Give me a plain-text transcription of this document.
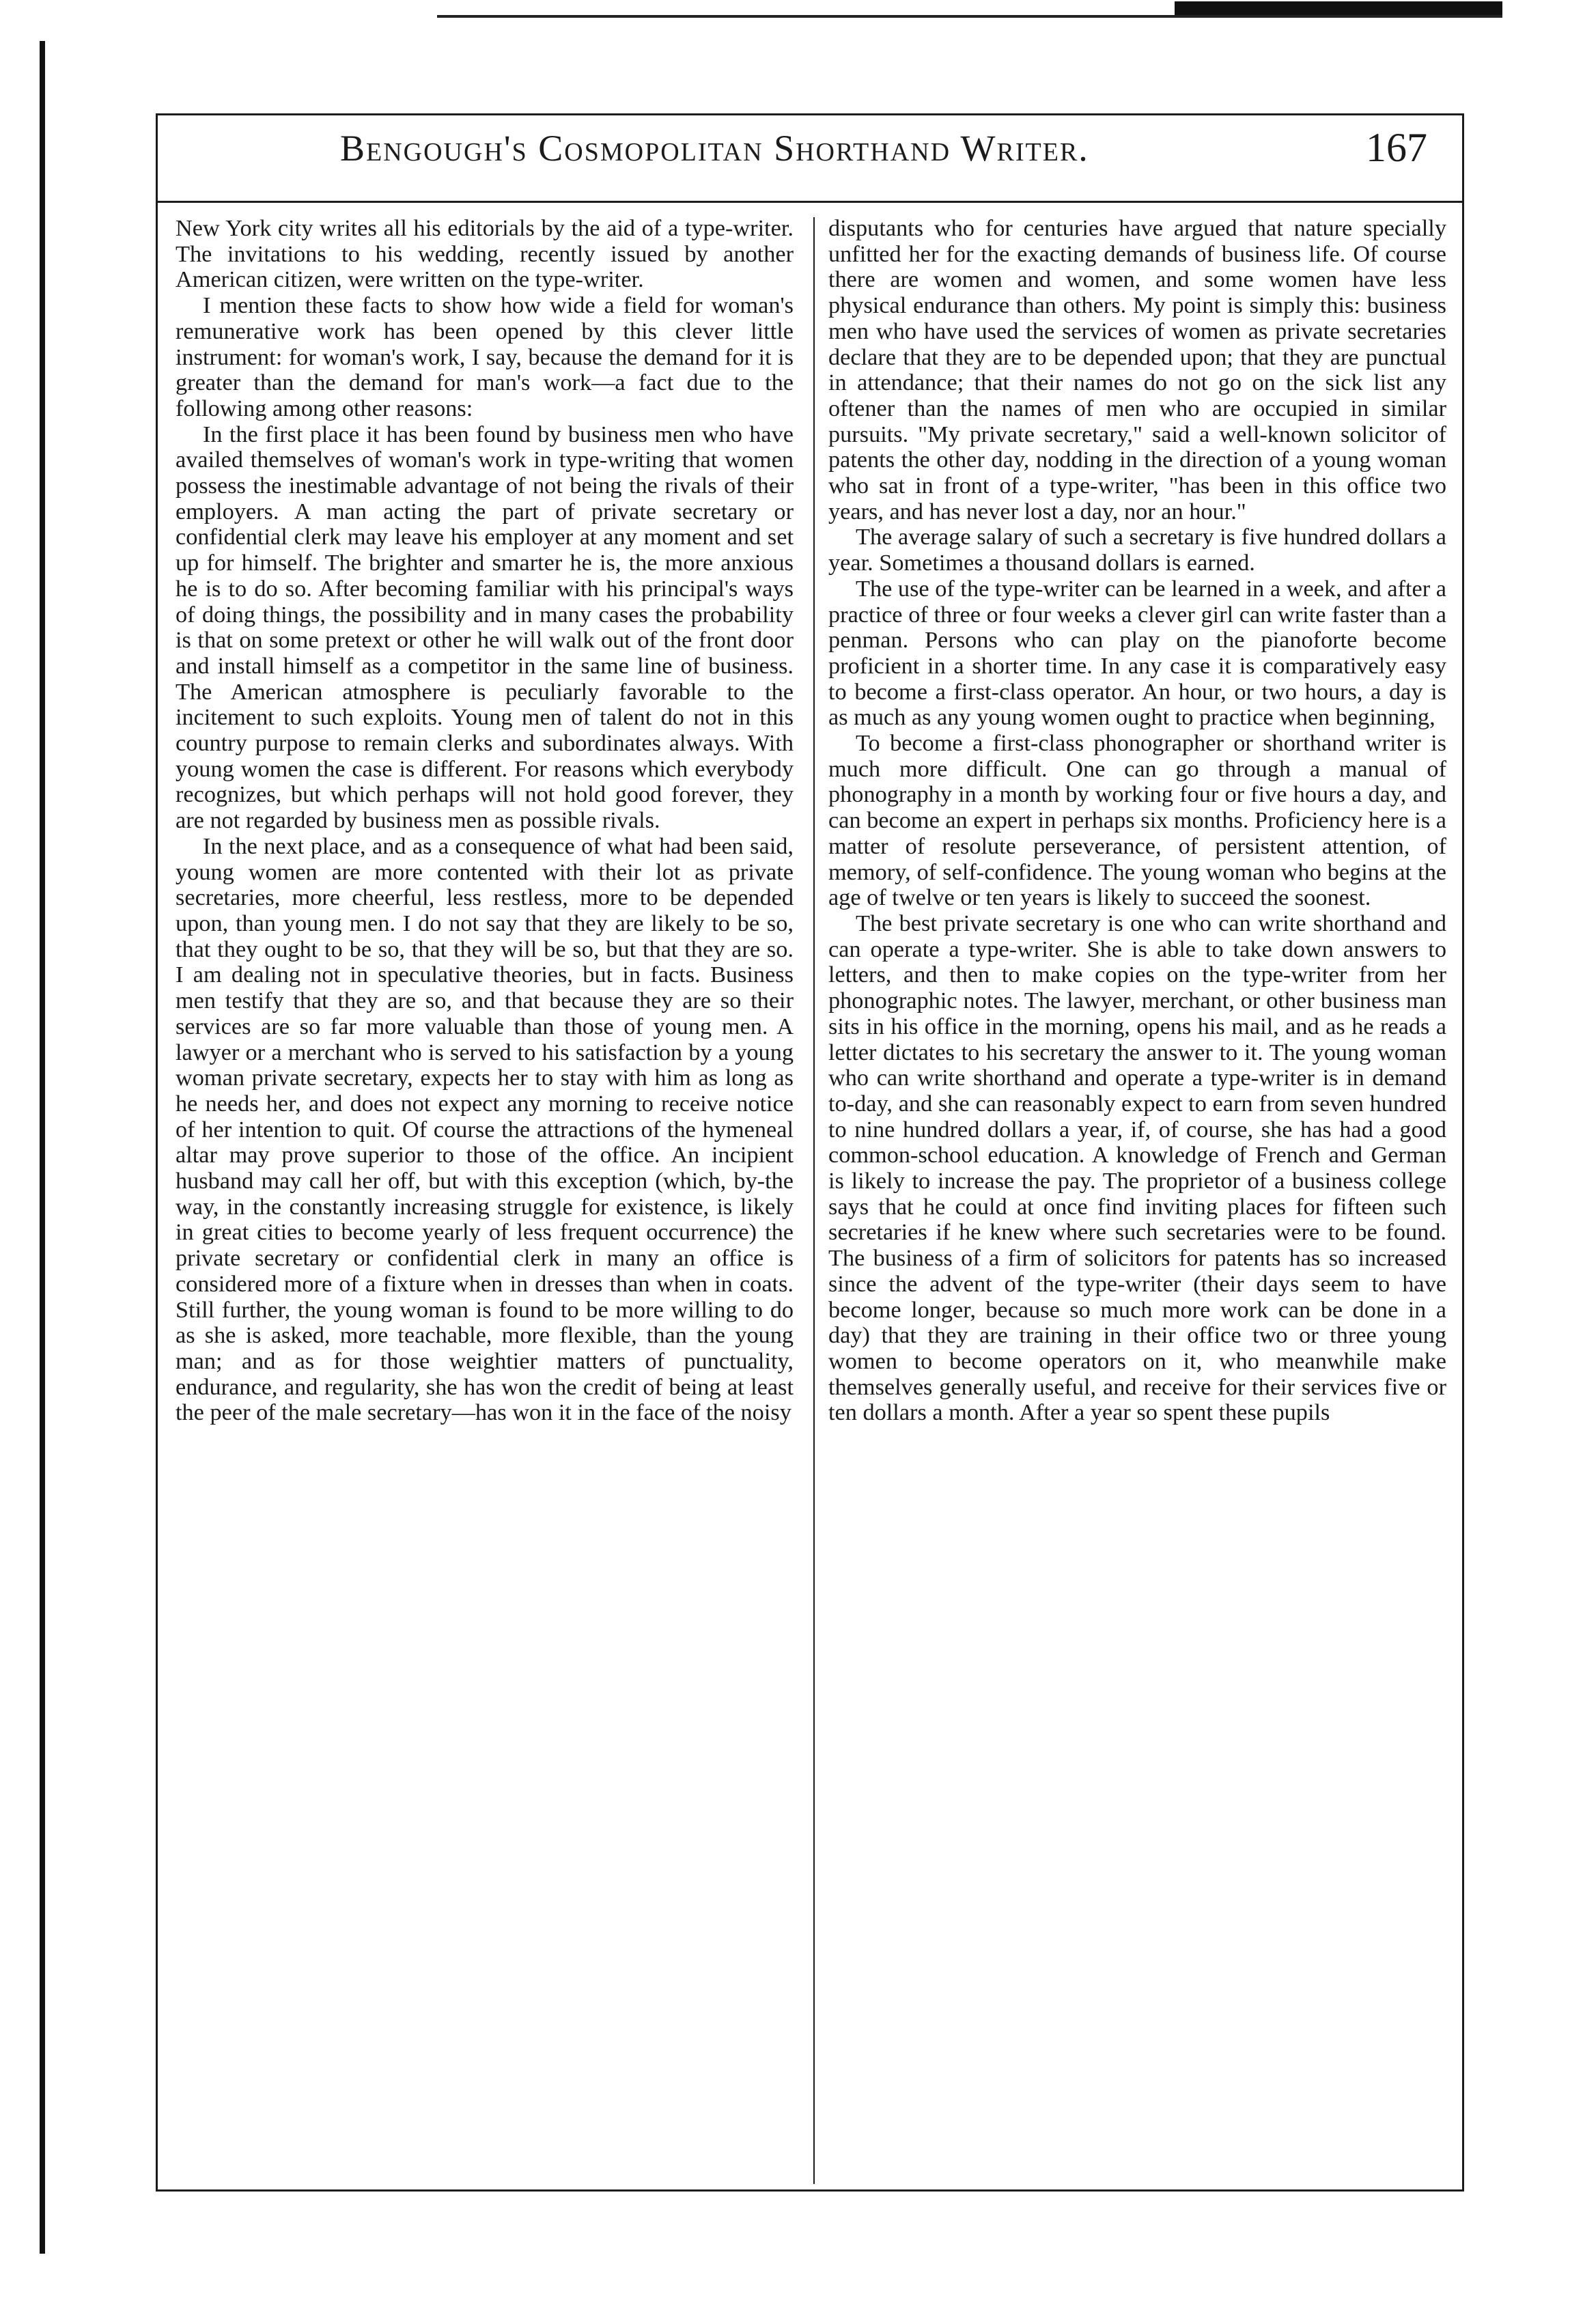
Bengough's Cosmopolitan Shorthand Writer.	167

New York city writes all his editorials by the aid of a type-writer. The invitations to his wedding, recently issued by another American citizen, were written on the type-writer.

I mention these facts to show how wide a field for woman's remunerative work has been opened by this clever little instrument: for woman's work, I say, because the demand for it is greater than the demand for man's work—a fact due to the following among other reasons:

In the first place it has been found by business men who have availed themselves of woman's work in type-writing that women possess the inestimable advantage of not being the rivals of their employers. A man acting the part of private secretary or confidential clerk may leave his employer at any moment and set up for himself. The brighter and smarter he is, the more anxious he is to do so. After becoming familiar with his principal's ways of doing things, the possibility and in many cases the probability is that on some pretext or other he will walk out of the front door and install himself as a competitor in the same line of business. The American atmosphere is peculiarly favorable to the incitement to such exploits. Young men of talent do not in this country purpose to remain clerks and subordinates always. With young women the case is different. For reasons which everybody recognizes, but which perhaps will not hold good forever, they are not regarded by business men as possible rivals.

In the next place, and as a consequence of what had been said, young women are more contented with their lot as private secretaries, more cheerful, less restless, more to be depended upon, than young men. I do not say that they are likely to be so, that they ought to be so, that they will be so, but that they are so. I am dealing not in speculative theories, but in facts. Business men testify that they are so, and that because they are so their services are so far more valuable than those of young men. A lawyer or a merchant who is served to his satisfaction by a young woman private secretary, expects her to stay with him as long as he needs her, and does not expect any morning to receive notice of her intention to quit. Of course the attractions of the hymeneal altar may prove superior to those of the office. An incipient husband may call her off, but with this exception (which, by-the way, in the constantly increasing struggle for existence, is likely in great cities to become yearly of less frequent occurrence) the private secretary or confidential clerk in many an office is considered more of a fixture when in dresses than when in coats. Still further, the young woman is found to be more willing to do as she is asked, more teachable, more flexible, than the young man; and as for those weightier matters of punctuality, endurance, and regularity, she has won the credit of being at least the peer of the male secretary—has won it in the face of the noisy

disputants who for centuries have argued that nature specially unfitted her for the exacting demands of business life. Of course there are women and women, and some women have less physical endurance than others. My point is simply this: business men who have used the services of women as private secretaries declare that they are to be depended upon; that they are punctual in attendance; that their names do not go on the sick list any oftener than the names of men who are occupied in similar pursuits. "My private secretary," said a well-known solicitor of patents the other day, nodding in the direction of a young woman who sat in front of a type-writer, "has been in this office two years, and has never lost a day, nor an hour."

The average salary of such a secretary is five hundred dollars a year. Sometimes a thousand dollars is earned.

The use of the type-writer can be learned in a week, and after a practice of three or four weeks a clever girl can write faster than a penman. Persons who can play on the pianoforte become proficient in a shorter time. In any case it is comparatively easy to become a first-class operator. An hour, or two hours, a day is as much as any young women ought to practice when beginning,

To become a first-class phonographer or shorthand writer is much more difficult. One can go through a manual of phonography in a month by working four or five hours a day, and can become an expert in perhaps six months. Proficiency here is a matter of resolute perseverance, of persistent attention, of memory, of self-confidence. The young woman who begins at the age of twelve or ten years is likely to succeed the soonest.

The best private secretary is one who can write shorthand and can operate a type-writer. She is able to take down answers to letters, and then to make copies on the type-writer from her phonographic notes. The lawyer, merchant, or other business man sits in his office in the morning, opens his mail, and as he reads a letter dictates to his secretary the answer to it. The young woman who can write shorthand and operate a type-writer is in demand to-day, and she can reasonably expect to earn from seven hundred to nine hundred dollars a year, if, of course, she has had a good common-school education. A knowledge of French and German is likely to increase the pay. The proprietor of a business college says that he could at once find inviting places for fifteen such secretaries if he knew where such secretaries were to be found. The business of a firm of solicitors for patents has so increased since the advent of the type-writer (their days seem to have become longer, because so much more work can be done in a day) that they are training in their office two or three young women to become operators on it, who meanwhile make themselves generally useful, and receive for their services five or ten dollars a month. After a year so spent these pupils
